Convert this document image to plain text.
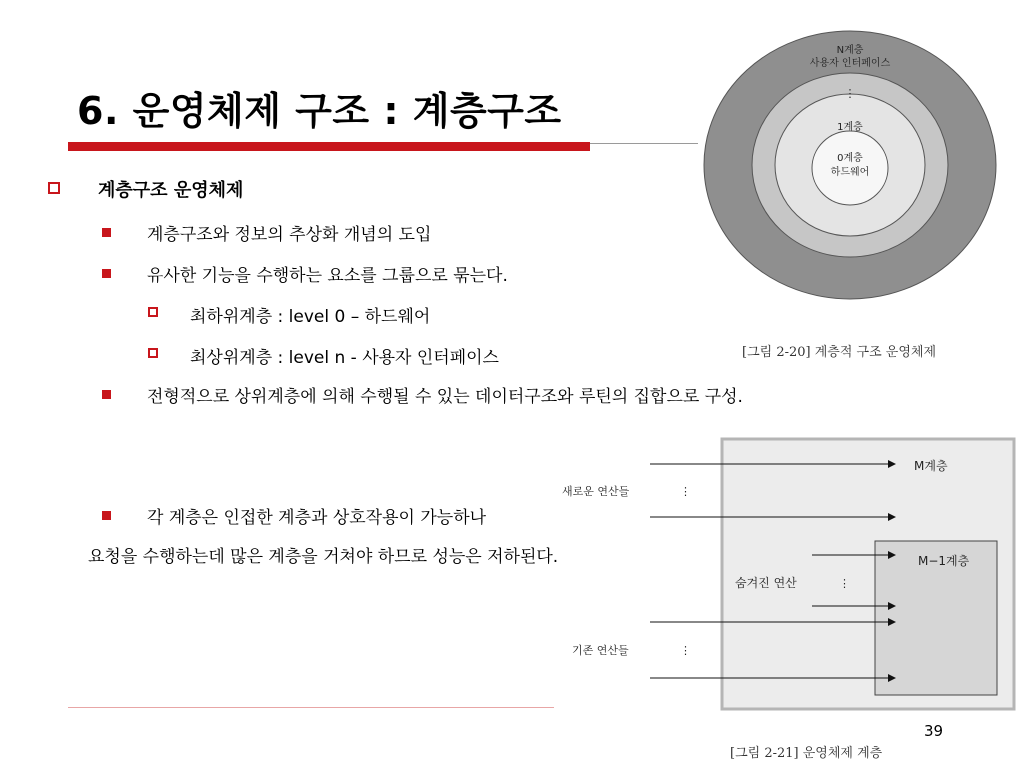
6. 운영체제 구조 : 계층구조
계층구조 운영체제
계층구조와 정보의 추상화 개념의 도입
유사한 기능을 수행하는 요소를 그룹으로 묶는다.
최하위계층 : level 0 – 하드웨어
최상위계층 : level n - 사용자 인터페이스
전형적으로 상위계층에 의해 수행될 수 있는 데이터구조와 루틴의 집합으로 구성.
각 계층은 인접한 계층과 상호작용이 가능하나
요청을 수행하는데 많은 계층을 거쳐야 하므로 성능은 저하된다.
N계층
사용자 인터페이스
⋮
1계층
0계층
하드웨어
[그림 2-20] 계층적 구조 운영체제
M계층
M−1계층
새로운 연산들	⋮
숨겨진 연산	⋮
기존 연산들	⋮
39
[그림 2-21] 운영체제 계층
